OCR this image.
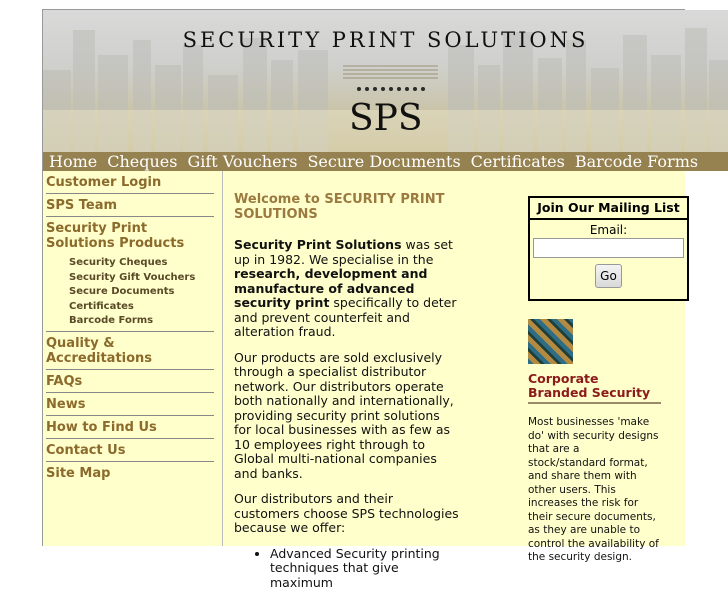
SECURITY PRINT SOLUTIONS
SPS
Home Cheques Gift Vouchers Secure Documents Certificates Barcode Forms
Customer Login
SPS Team
Security Print Solutions Products
Security Cheques
Security Gift Vouchers
Secure Documents
Certificates
Barcode Forms
Quality & Accreditations
FAQs
News
How to Find Us
Contact Us
Site Map
Welcome to SECURITY PRINT SOLUTIONS

Security Print Solutions was set up in 1982. We specialise in the research, development and manufacture of advanced security print specifically to deter and prevent counterfeit and alteration fraud.

Our products are sold exclusively through a specialist distributor network. Our distributors operate both nationally and internationally, providing security print solutions for local businesses with as few as 10 employees right through to Global multi-national companies and banks.

Our distributors and their customers choose SPS technologies because we offer:

• Advanced Security printing techniques that give maximum
Join Our Mailing List
Email:
Go
Corporate Branded Security
Most businesses 'make do' with security designs that are a stock/standard format, and share them with other users. This increases the risk for their secure documents, as they are unable to control the availability of the security design.
